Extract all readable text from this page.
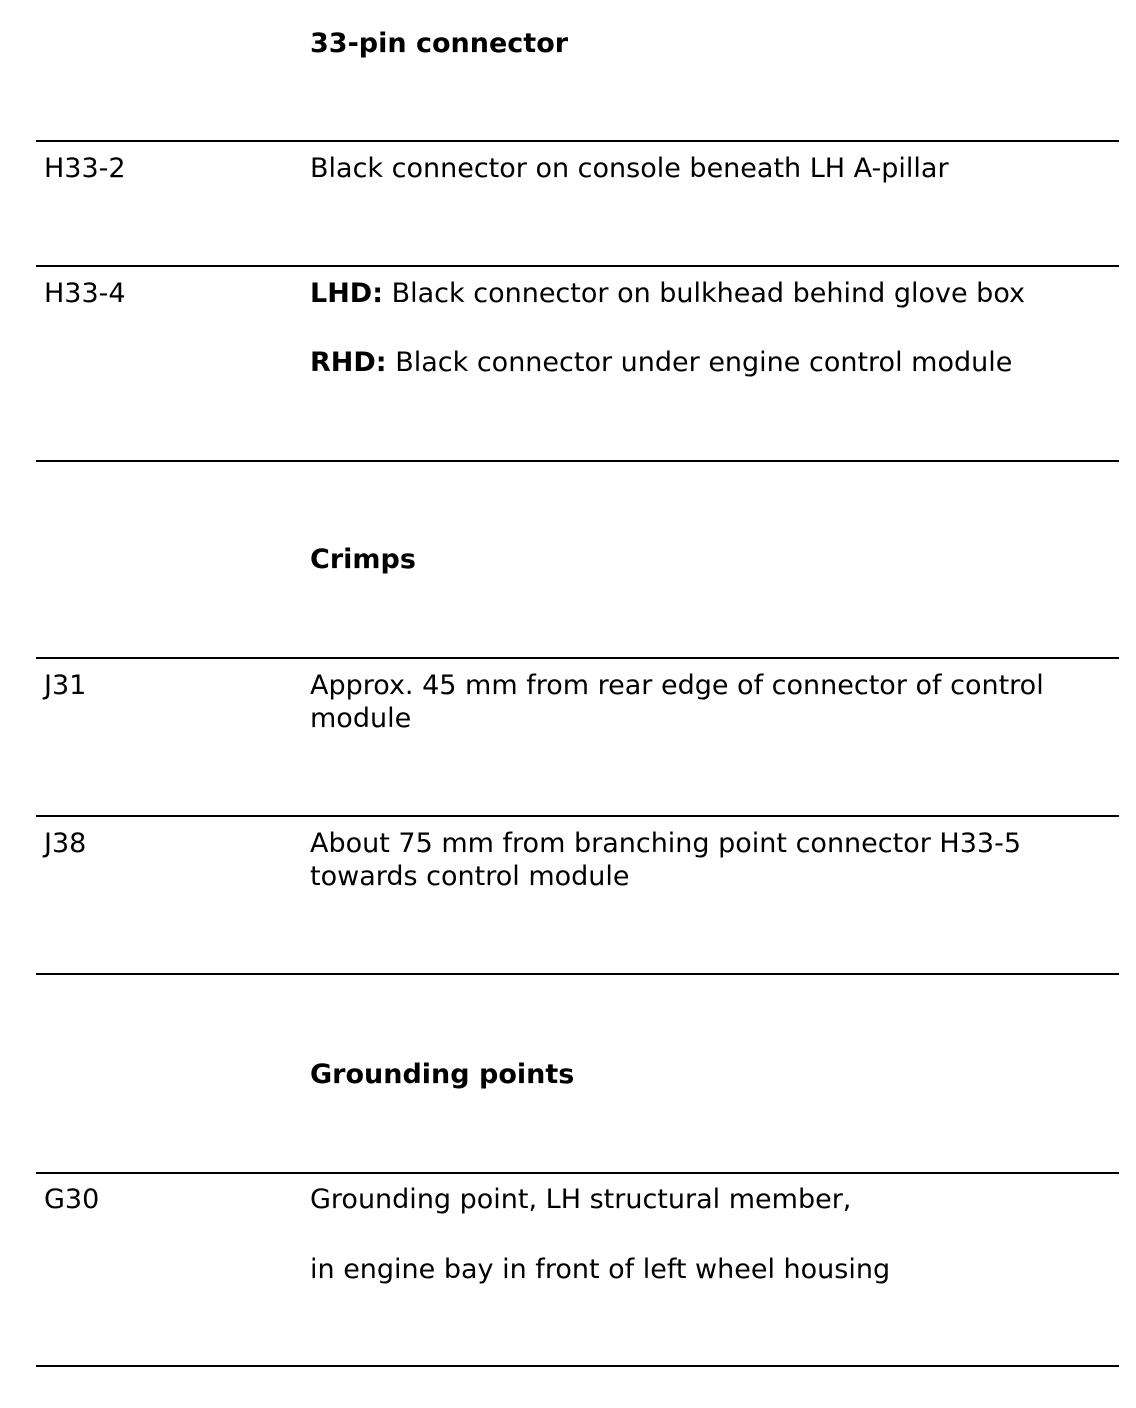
33-pin connector
H33-2	Black connector on console beneath LH A-pillar

H33-4	LHD: Black connector on bulkhead behind glove box

RHD: Black connector under engine control module

Crimps
J31	Approx. 45 mm from rear edge of connector of control module

J38	About 75 mm from branching point connector H33-5 towards control module

Grounding points
G30	Grounding point, LH structural member,

in engine bay in front of left wheel housing
